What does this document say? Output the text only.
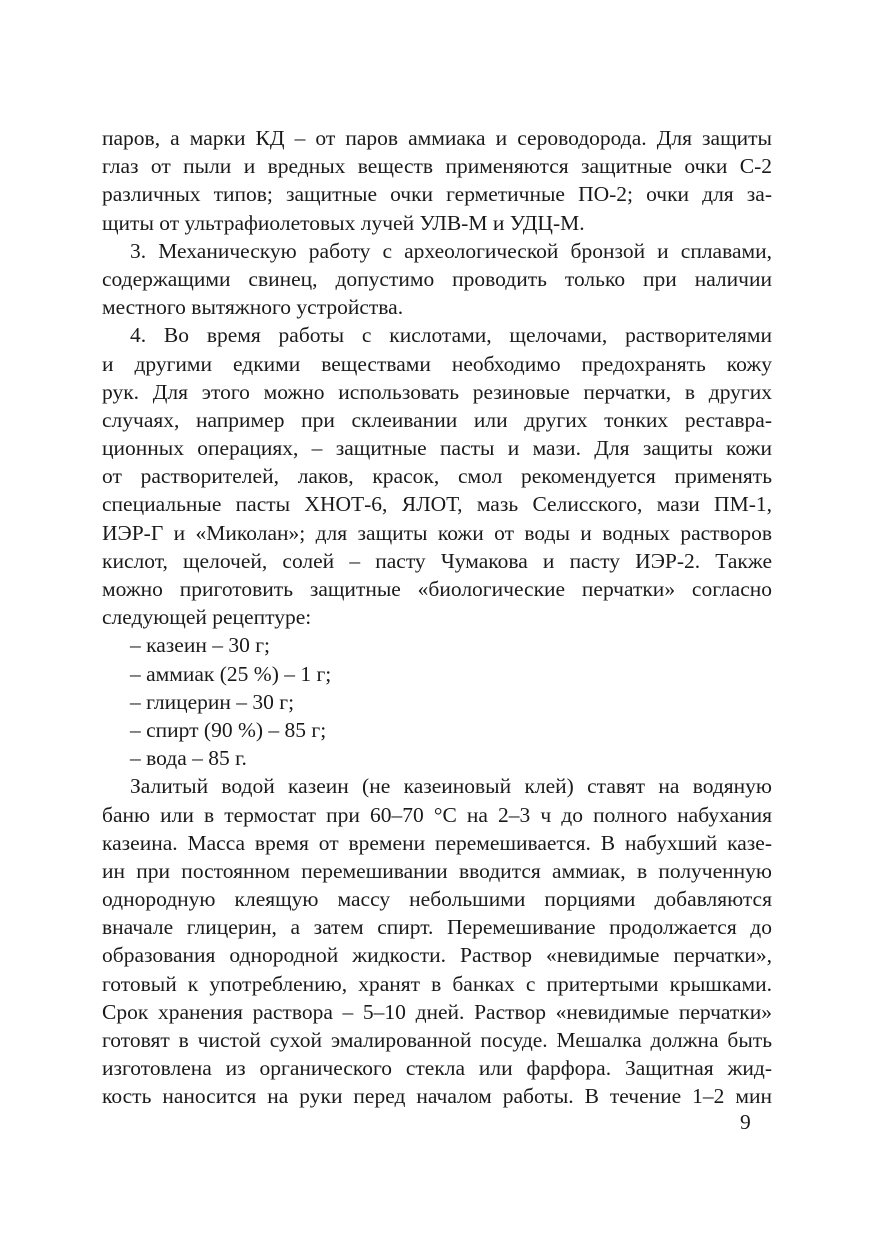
паров, а марки КД – от паров аммиака и сероводорода. Для защиты
глаз от пыли и вредных веществ применяются защитные очки С-2
различных типов; защитные очки герметичные ПО-2; очки для за-
щиты от ультрафиолетовых лучей УЛВ-М и УДЦ-М.
3. Механическую работу с археологической бронзой и сплавами,
содержащими свинец, допустимо проводить только при наличии
местного вытяжного устройства.
4. Во время работы с кислотами, щелочами, растворителями
и другими едкими веществами необходимо предохранять кожу
рук. Для этого можно использовать резиновые перчатки, в других
случаях, например при склеивании или других тонких реставра-
ционных операциях, – защитные пасты и мази. Для защиты кожи
от растворителей, лаков, красок, смол рекомендуется применять
специальные пасты ХНОТ-6, ЯЛОТ, мазь Селисского, мази ПМ-1,
ИЭР-Г и «Миколан»; для защиты кожи от воды и водных растворов
кислот, щелочей, солей – пасту Чумакова и пасту ИЭР-2. Также
можно приготовить защитные «биологические перчатки» согласно
следующей рецептуре:
– казеин – 30 г;
– аммиак (25 %) – 1 г;
– глицерин – 30 г;
– спирт (90 %) – 85 г;
– вода – 85 г.
Залитый водой казеин (не казеиновый клей) ставят на водяную
баню или в термостат при 60–70 °С на 2–3 ч до полного набухания
казеина. Масса время от времени перемешивается. В набухший казе-
ин при постоянном перемешивании вводится аммиак, в полученную
однородную клеящую массу небольшими порциями добавляются
вначале глицерин, а затем спирт. Перемешивание продолжается до
образования однородной жидкости. Раствор «невидимые перчатки»,
готовый к употреблению, хранят в банках с притертыми крышками.
Срок хранения раствора – 5–10 дней. Раствор «невидимые перчатки»
готовят в чистой сухой эмалированной посуде. Мешалка должна быть
изготовлена из органического стекла или фарфора. Защитная жид-
кость наносится на руки перед началом работы. В течение 1–2 мин
9
